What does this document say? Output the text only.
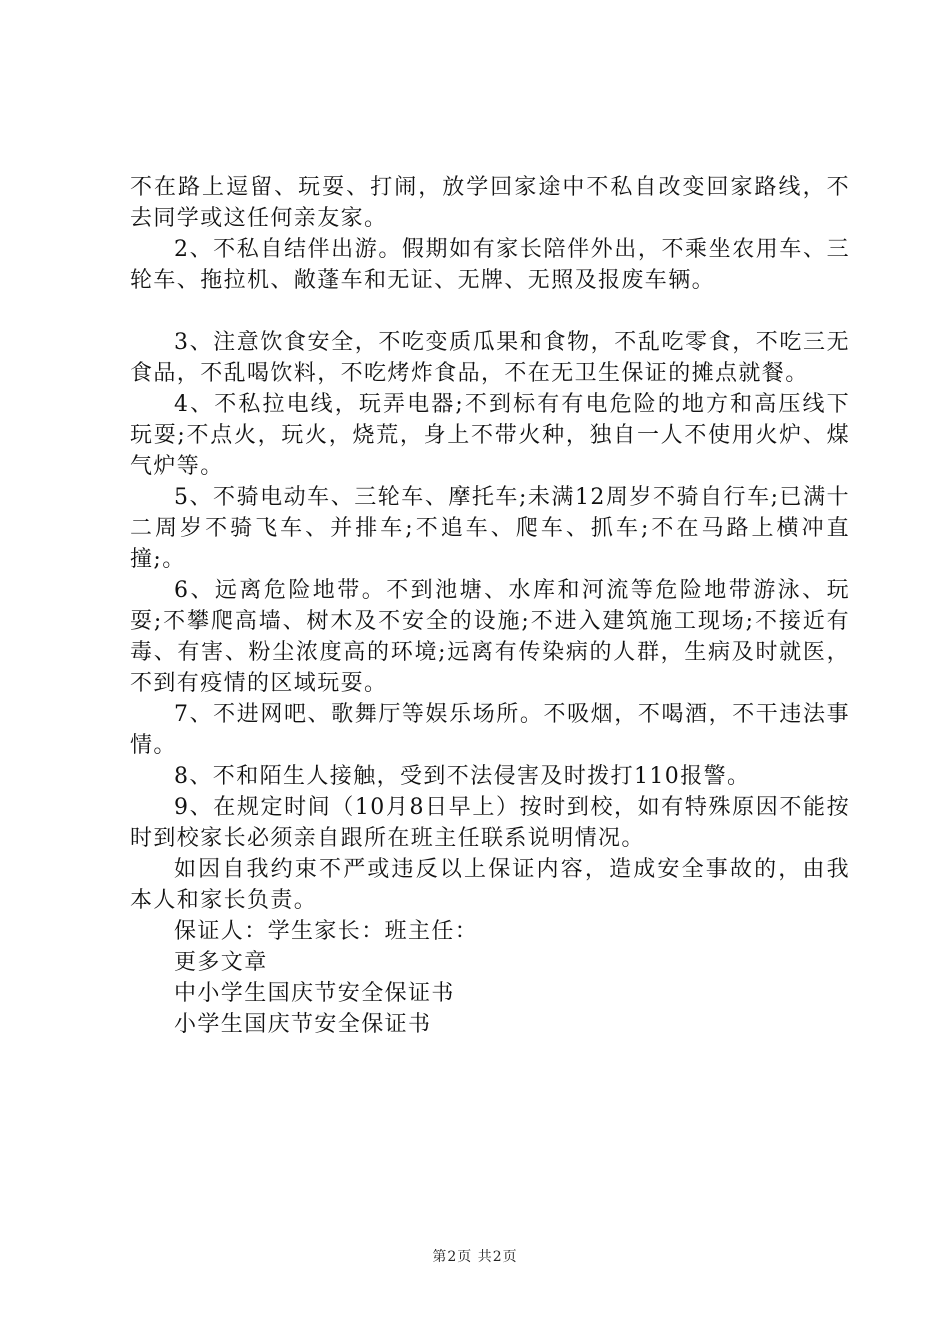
不在路上逗留、玩耍、打闹，放学回家途中不私自改变回家路线，不去同学或这任何亲友家。

2、不私自结伴出游。假期如有家长陪伴外出，不乘坐农用车、三轮车、拖拉机、敞蓬车和无证、无牌、无照及报废车辆。

3、注意饮食安全，不吃变质瓜果和食物，不乱吃零食，不吃三无食品，不乱喝饮料，不吃烤炸食品，不在无卫生保证的摊点就餐。

4、不私拉电线，玩弄电器;不到标有有电危险的地方和高压线下玩耍;不点火，玩火，烧荒，身上不带火种，独自一人不使用火炉、煤气炉等。

5、不骑电动车、三轮车、摩托车;未满12周岁不骑自行车;已满十二周岁不骑飞车、并排车;不追车、爬车、抓车;不在马路上横冲直撞;。

6、远离危险地带。不到池塘、水库和河流等危险地带游泳、玩耍;不攀爬高墙、树木及不安全的设施;不进入建筑施工现场;不接近有毒、有害、粉尘浓度高的环境;远离有传染病的人群，生病及时就医，不到有疫情的区域玩耍。

7、不进网吧、歌舞厅等娱乐场所。不吸烟，不喝酒，不干违法事情。

8、不和陌生人接触，受到不法侵害及时拨打110报警。

9、在规定时间（10月8日早上）按时到校，如有特殊原因不能按时到校家长必须亲自跟所在班主任联系说明情况。

如因自我约束不严或违反以上保证内容，造成安全事故的，由我本人和家长负责。

保证人：学生家长：班主任：
更多文章
中小学生国庆节安全保证书
小学生国庆节安全保证书
第2页 共2页
